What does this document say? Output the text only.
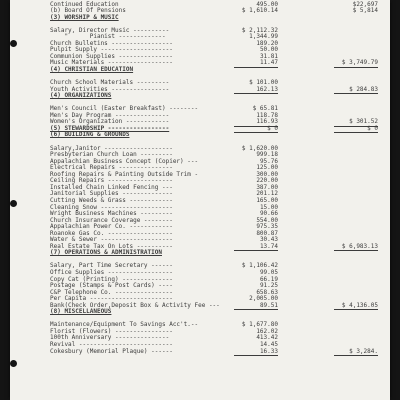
Continued Education	495.00	$22,697
(b) Board Of Pensions	$ 1,610.14	$ 5,814
(3) WORSHIP & MUSIC
Salary, Director Music ----------	$ 2,112.32
"      Pianist -------------	1,344.99
Church Bulletins -----------------	189.20
Pulpit Supply --------------------	50.00
Communion Supplies ---------------	31.81
Music Materials ------------------	11.47	$ 3,749.79
(4) CHRISTIAN EDUCATION
Church School Materials ---------	$ 101.00
Youth Activities ----------------	162.13	$ 284.83
(4) ORGANIZATIONS
Men's Council (Easter Breakfast) --------	$ 65.81
Men's Day Program ---------------	118.78
Women's Organization ------------	116.93	$ 301.52
(5) STEWARDSHIP -----------------	$ 0	$ 0
(6) BUILDING & GROUNDS
Salary,Janitor -------------------	$ 1,620.00
Presbyterian Church Loan ---------	999.18
Appalachian Business Concept (Copier) ---	95.76
Electrical Repairs ---------------	125.00
Roofing Repairs & Painting Outside Trim -	300.00
Ceiling Repairs ------------------	220.00
Installed Chain Linked Fencing ---	387.00
Janitorial Supplies --------------	201.12
Cutting Weeds & Grass ------------	165.00
Cleaning Snow --------------------	15.00
Wright Business Machines ---------	90.66
Church Insurance Coverage --------	554.00
Appalachian Power Co. ------------	975.35
Roanoke Gas Co. ------------------	800.87
Water & Sewer --------------------	30.43
Real Estate Tax On Lots ----------	13.74	$ 6,983.13
(7) OPERATIONS & ADMINISTRATION
Salary, Part Time Secretary ------	$ 1,106.42
Office Supplies ------------------	99.05
Copy Cat (Printing) --------------	66.19
Postage (Stamps & Post Cards) ----	91.25
C&P Telephone Co. ----------------	658.63
Per Capita -----------------------	2,005.00
Bank(Check Order,Deposit Box & Activity Fee ---	89.51	$ 4,136.05
(8) MISCELLANEOUS
Maintenance/Equipment To Savings Acc't.--	$ 1,677.80
Florist (Flowers) ----------------	162.02
100th Anniversary ---------------	413.42
Revival --------------------------	14.45
Cokesbury (Memorial Plaque) ------	16.33	$ 3,284.
